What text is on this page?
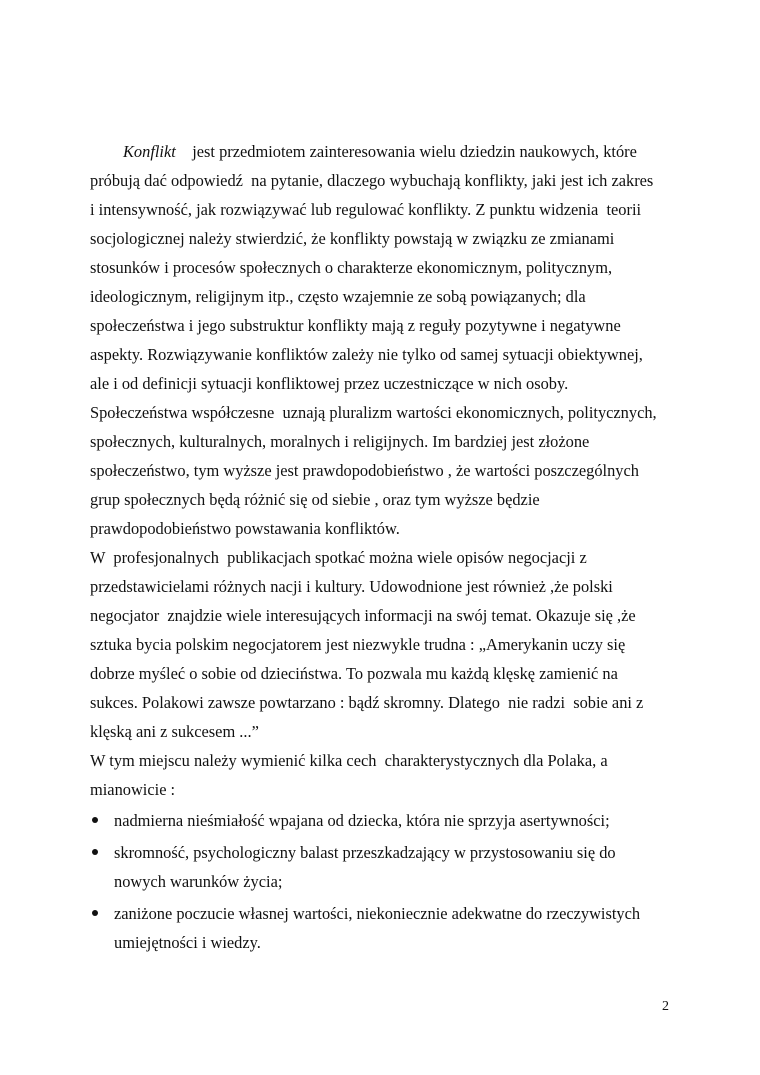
Konflikt    jest przedmiotem zainteresowania wielu dziedzin naukowych, które
próbują dać odpowiedź  na pytanie, dlaczego wybuchają konflikty, jaki jest ich zakres
i intensywność, jak rozwiązywać lub regulować konflikty. Z punktu widzenia  teorii
socjologicznej należy stwierdzić, że konflikty powstają w związku ze zmianami
stosunków i procesów społecznych o charakterze ekonomicznym, politycznym,
ideologicznym, religijnym itp., często wzajemnie ze sobą powiązanych; dla
społeczeństwa i jego substruktur konflikty mają z reguły pozytywne i negatywne
aspekty. Rozwiązywanie konfliktów zależy nie tylko od samej sytuacji obiektywnej,
ale i od definicji sytuacji konfliktowej przez uczestniczące w nich osoby.
Społeczeństwa współczesne  uznają pluralizm wartości ekonomicznych, politycznych,
społecznych, kulturalnych, moralnych i religijnych. Im bardziej jest złożone
społeczeństwo, tym wyższe jest prawdopodobieństwo , że wartości poszczególnych
grup społecznych będą różnić się od siebie , oraz tym wyższe będzie
prawdopodobieństwo powstawania konfliktów.
W  profesjonalnych  publikacjach spotkać można wiele opisów negocjacji z
przedstawicielami różnych nacji i kultury. Udowodnione jest również ,że polski
negocjator  znajdzie wiele interesujących informacji na swój temat. Okazuje się ,że
sztuka bycia polskim negocjatorem jest niezwykle trudna : „Amerykanin uczy się
dobrze myśleć o sobie od dzieciństwa. To pozwala mu każdą klęskę zamienić na
sukces. Polakowi zawsze powtarzano : bądź skromny. Dlatego  nie radzi  sobie ani z
klęską ani z sukcesem ...”
W tym miejscu należy wymienić kilka cech  charakterystycznych dla Polaka, a
mianowicie :
nadmierna nieśmiałość wpajana od dziecka, która nie sprzyja asertywności;
skromność, psychologiczny balast przeszkadzający w przystosowaniu się do
nowych warunków życia;
zaniżone poczucie własnej wartości, niekoniecznie adekwatne do rzeczywistych
umiejętności i wiedzy.
2
